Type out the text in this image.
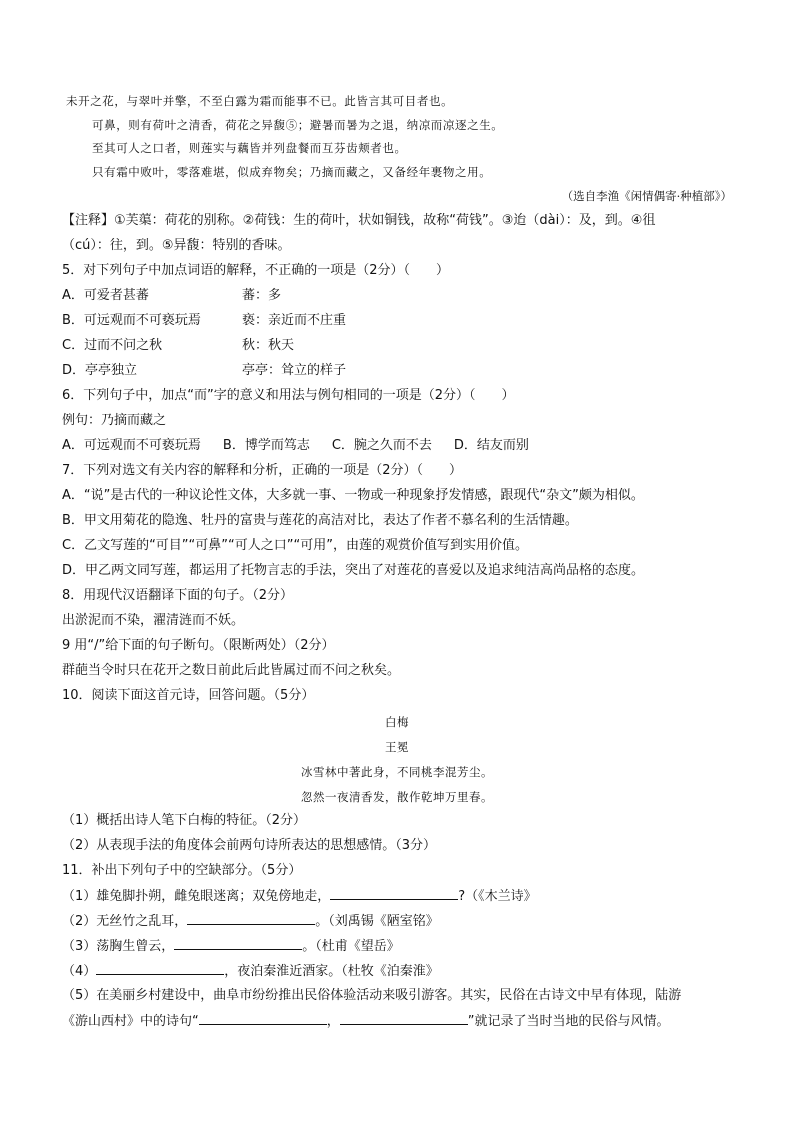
未开之花，与翠叶并擎，不至白露为霜而能事不已。此皆言其可目者也。
可鼻，则有荷叶之清香，荷花之异馥⑤；避暑而暑为之退，纳凉而凉逐之生。
至其可人之口者，则莲实与藕皆并列盘餐而互芬齿颊者也。
只有霜中败叶，零落难堪，似成弃物矣；乃摘而藏之，又备经年裹物之用。
（选自李渔《闲情偶寄·种植部》）
【注释】①芙蕖：荷花的别称。②荷钱：生的荷叶，状如铜钱，故称“荷钱”。③迨（dài）：及，到。④徂
（cú）：往，到。⑤异馥：特别的香味。
5．对下列句子中加点词语的解释，不正确的一项是（2分）（　　）
A．可爱者甚蕃	蕃：多
B．可远观而不可亵玩焉	亵：亲近而不庄重
C．过而不问之秋	秋：秋天
D．亭亭独立	亭亭：耸立的样子
6．下列句子中，加点“而”字的意义和用法与例句相同的一项是（2分）（　　）
例句：乃摘而藏之
A．可远观而不可亵玩焉 B．博学而笃志 C．腕之久而不去 D．结友而别
7．下列对选文有关内容的解释和分析，正确的一项是（2分）（　　）
A．“说”是古代的一种议论性文体，大多就一事、一物或一种现象抒发情感，跟现代“杂文”颇为相似。
B．甲文用菊花的隐逸、牡丹的富贵与莲花的高洁对比，表达了作者不慕名利的生活情趣。
C．乙文写莲的“可目”“可鼻”“可人之口”“可用”，由莲的观赏价值写到实用价值。
D．甲乙两文同写莲，都运用了托物言志的手法，突出了对莲花的喜爱以及追求纯洁高尚品格的态度。
8．用现代汉语翻译下面的句子。（2分）
出淤泥而不染，濯清涟而不妖。
9 用“/”给下面的句子断句。（限断两处）（2分）
群葩当令时只在花开之数日前此后此皆属过而不问之秋矣。
10．阅读下面这首元诗，回答问题。（5分）
白梅
王冕
冰雪林中著此身，不同桃李混芳尘。
忽然一夜清香发，散作乾坤万里春。
（1）概括出诗人笔下白梅的特征。（2分）
（2）从表现手法的角度体会前两句诗所表达的思想感情。（3分）
11．补出下列句子中的空缺部分。（5分）
（1）雄兔脚扑朔，雌兔眼迷离；双兔傍地走，	?（《木兰诗》
（2）无丝竹之乱耳，	。（刘禹锡《陋室铭》
（3）荡胸生曾云，	。（杜甫《望岳》
（4）	，夜泊秦淮近酒家。（杜牧《泊秦淮》
（5）在美丽乡村建设中，曲阜市纷纷推出民俗体验活动来吸引游客。其实，民俗在古诗文中早有体现，陆游
《游山西村》中的诗句“	，	”就记录了当时当地的民俗与风情。
